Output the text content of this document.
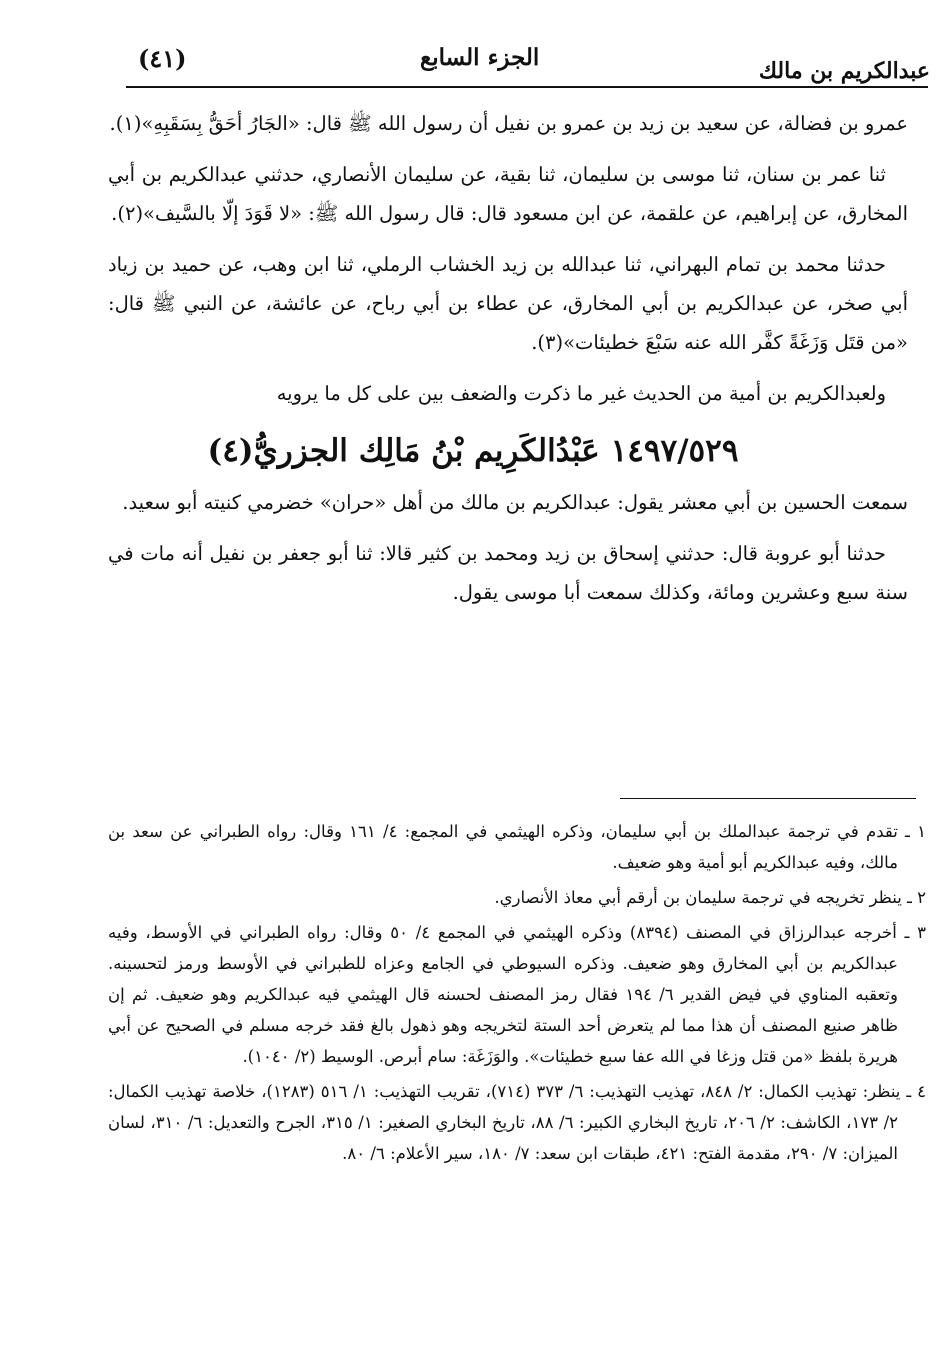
عبدالكريم بن مالك
الجزء السابع
(٤١)

عمرو بن فضالة، عن سعيد بن زيد بن عمرو بن نفيل أن رسول الله ﷺ قال: «الجَارُ أحَقُّ بِسَقَبِهِ»(١).

ثنا عمر بن سنان، ثنا موسى بن سليمان، ثنا بقية، عن سليمان الأنصاري، حدثني عبدالكريم بن أبي المخارق، عن إبراهيم، عن علقمة، عن ابن مسعود قال: قال رسول الله ﷺ: «لا قَوَدَ إلّا بالسَّيف»(٢).

حدثنا محمد بن تمام البهراني، ثنا عبدالله بن زيد الخشاب الرملي، ثنا ابن وهب، عن حميد بن زياد أبي صخر، عن عبدالكريم بن أبي المخارق، عن عطاء بن أبي رباح، عن عائشة، عن النبي ﷺ قال: «من قتَل وَزَغَةً كفَّر الله عنه سَبْعَ خطيئات»(٣).

ولعبدالكريم بن أمية من الحديث غير ما ذكرت والضعف بين على كل ما يرويه

١٤٩٧/٥٢٩ عَبْدُالكَرِيم بْنُ مَالِك الجزريُّ(٤)

سمعت الحسين بن أبي معشر يقول: عبدالكريم بن مالك من أهل «حران» خضرمي كنيته أبو سعيد.

حدثنا أبو عروبة قال: حدثني إسحاق بن زيد ومحمد بن كثير قالا: ثنا أبو جعفر بن نفيل أنه مات في سنة سبع وعشرين ومائة، وكذلك سمعت أبا موسى يقول.

١ ـ تقدم في ترجمة عبدالملك بن أبي سليمان، وذكره الهيثمي في المجمع: ٤/ ١٦١ وقال: رواه الطبراني عن سعد بن مالك، وفيه عبدالكريم أبو أمية وهو ضعيف.

٢ ـ ينظر تخريجه في ترجمة سليمان بن أرقم أبي معاذ الأنصاري.

٣ ـ أخرجه عبدالرزاق في المصنف (٨٣٩٤) وذكره الهيثمي في المجمع ٤/ ٥٠ وقال: رواه الطبراني في الأوسط، وفيه عبدالكريم بن أبي المخارق وهو ضعيف. وذكره السيوطي في الجامع وعزاه للطبراني في الأوسط ورمز لتحسينه. وتعقبه المناوي في فيض القدير ٦/ ١٩٤ فقال رمز المصنف لحسنه قال الهيثمي فيه عبدالكريم وهو ضعيف. ثم إن ظاهر صنيع المصنف أن هذا مما لم يتعرض أحد الستة لتخريجه وهو ذهول بالغ فقد خرجه مسلم في الصحيح عن أبي هريرة بلفظ «من قتل وزغا في الله عفا سبع خطيئات». والوَزَغَة: سام أبرص. الوسيط (٢/ ١٠٤٠).

٤ ـ ينظر: تهذيب الكمال: ٢/ ٨٤٨، تهذيب التهذيب: ٦/ ٣٧٣ (٧١٤)، تقريب التهذيب: ١/ ٥١٦ (١٢٨٣)، خلاصة تهذيب الكمال: ٢/ ١٧٣، الكاشف: ٢/ ٢٠٦، تاريخ البخاري الكبير: ٦/ ٨٨، تاريخ البخاري الصغير: ١/ ٣١٥، الجرح والتعديل: ٦/ ٣١٠، لسان الميزان: ٧/ ٢٩٠، مقدمة الفتح: ٤٢١، طبقات ابن سعد: ٧/ ١٨٠، سير الأعلام: ٦/ ٨٠.
